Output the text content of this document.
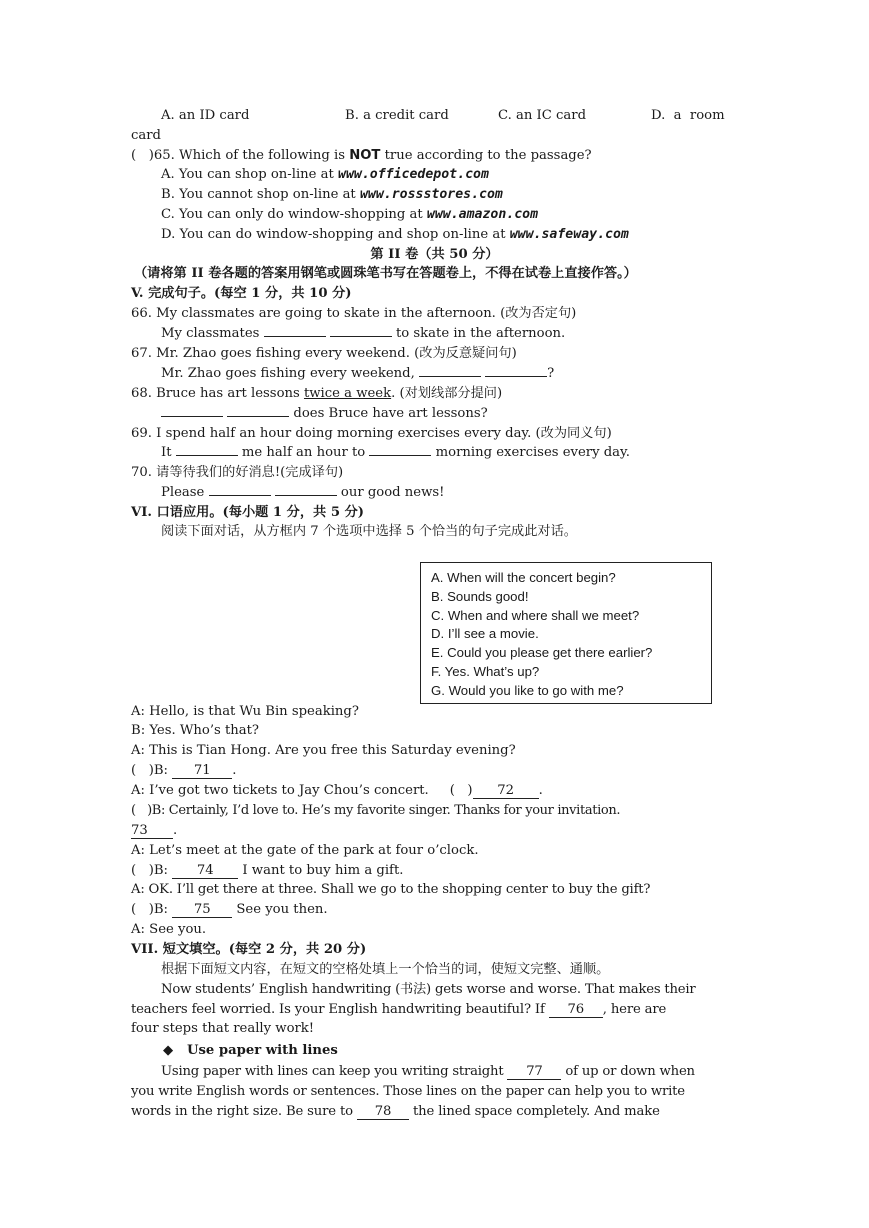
A. an ID card	B. a credit card	C. an IC card	D.  a  room
card
(   )65. Which of the following is NOT true according to the passage?
A. You can shop on-line at www.officedepot.com
B. You cannot shop on-line at www.rossstores.com
C. You can only do window-shopping at www.amazon.com
D. You can do window-shopping and shop on-line at www.safeway.com
第 II 卷（共 50 分）
（请将第 II 卷各题的答案用钢笔或圆珠笔书写在答题卷上，不得在试卷上直接作答。）
V. 完成句子。(每空 1 分，共 10 分)
66. My classmates are going to skate in the afternoon. (改为否定句)
My classmates	to skate in the afternoon.
67. Mr. Zhao goes fishing every weekend. (改为反意疑问句)
Mr. Zhao goes fishing every weekend,	?
68. Bruce has art lessons twice a week. (对划线部分提问)
does Bruce have art lessons?
69. I spend half an hour doing morning exercises every day. (改为同义句)
It	me half an hour to	morning exercises every day.
70. 请等待我们的好消息!(完成译句)
Please	our good news!
VI. 口语应用。(每小题 1 分，共 5 分)
阅读下面对话，从方框内 7 个选项中选择 5 个恰当的句子完成此对话。
A. When will the concert begin?
B. Sounds good!
C. When and where shall we meet?
D. I’ll see a movie.
E. Could you please get there earlier?
F. Yes. What’s up?
G. Would you like to go with me?
A: Hello, is that Wu Bin speaking?
B: Yes. Who’s that?
A: This is Tian Hong. Are you free this Saturday evening?
(   )B: 71 .
A: I’ve got two tickets to Jay Chou’s concert.     (   ) 72 .
(   )B: Certainly, I’d love to. He’s my favorite singer. Thanks for your invitation.
73 .
A: Let’s meet at the gate of the park at four o’clock.
(   )B: 74 I want to buy him a gift.
A: OK. I’ll get there at three. Shall we go to the shopping center to buy the gift?
(   )B: 75 See you then.
A: See you.
VII. 短文填空。(每空 2 分，共 20 分)
根据下面短文内容，在短文的空格处填上一个恰当的词，使短文完整、通顺。
Now students’ English handwriting (书法) gets worse and worse. That makes their
teachers feel worried. Is your English handwriting beautiful? If 76 , here are
four steps that really work!
◆ Use paper with lines
Using paper with lines can keep you writing straight 77 of up or down when
you write English words or sentences. Those lines on the paper can help you to write
words in the right size. Be sure to 78 the lined space completely. And make
